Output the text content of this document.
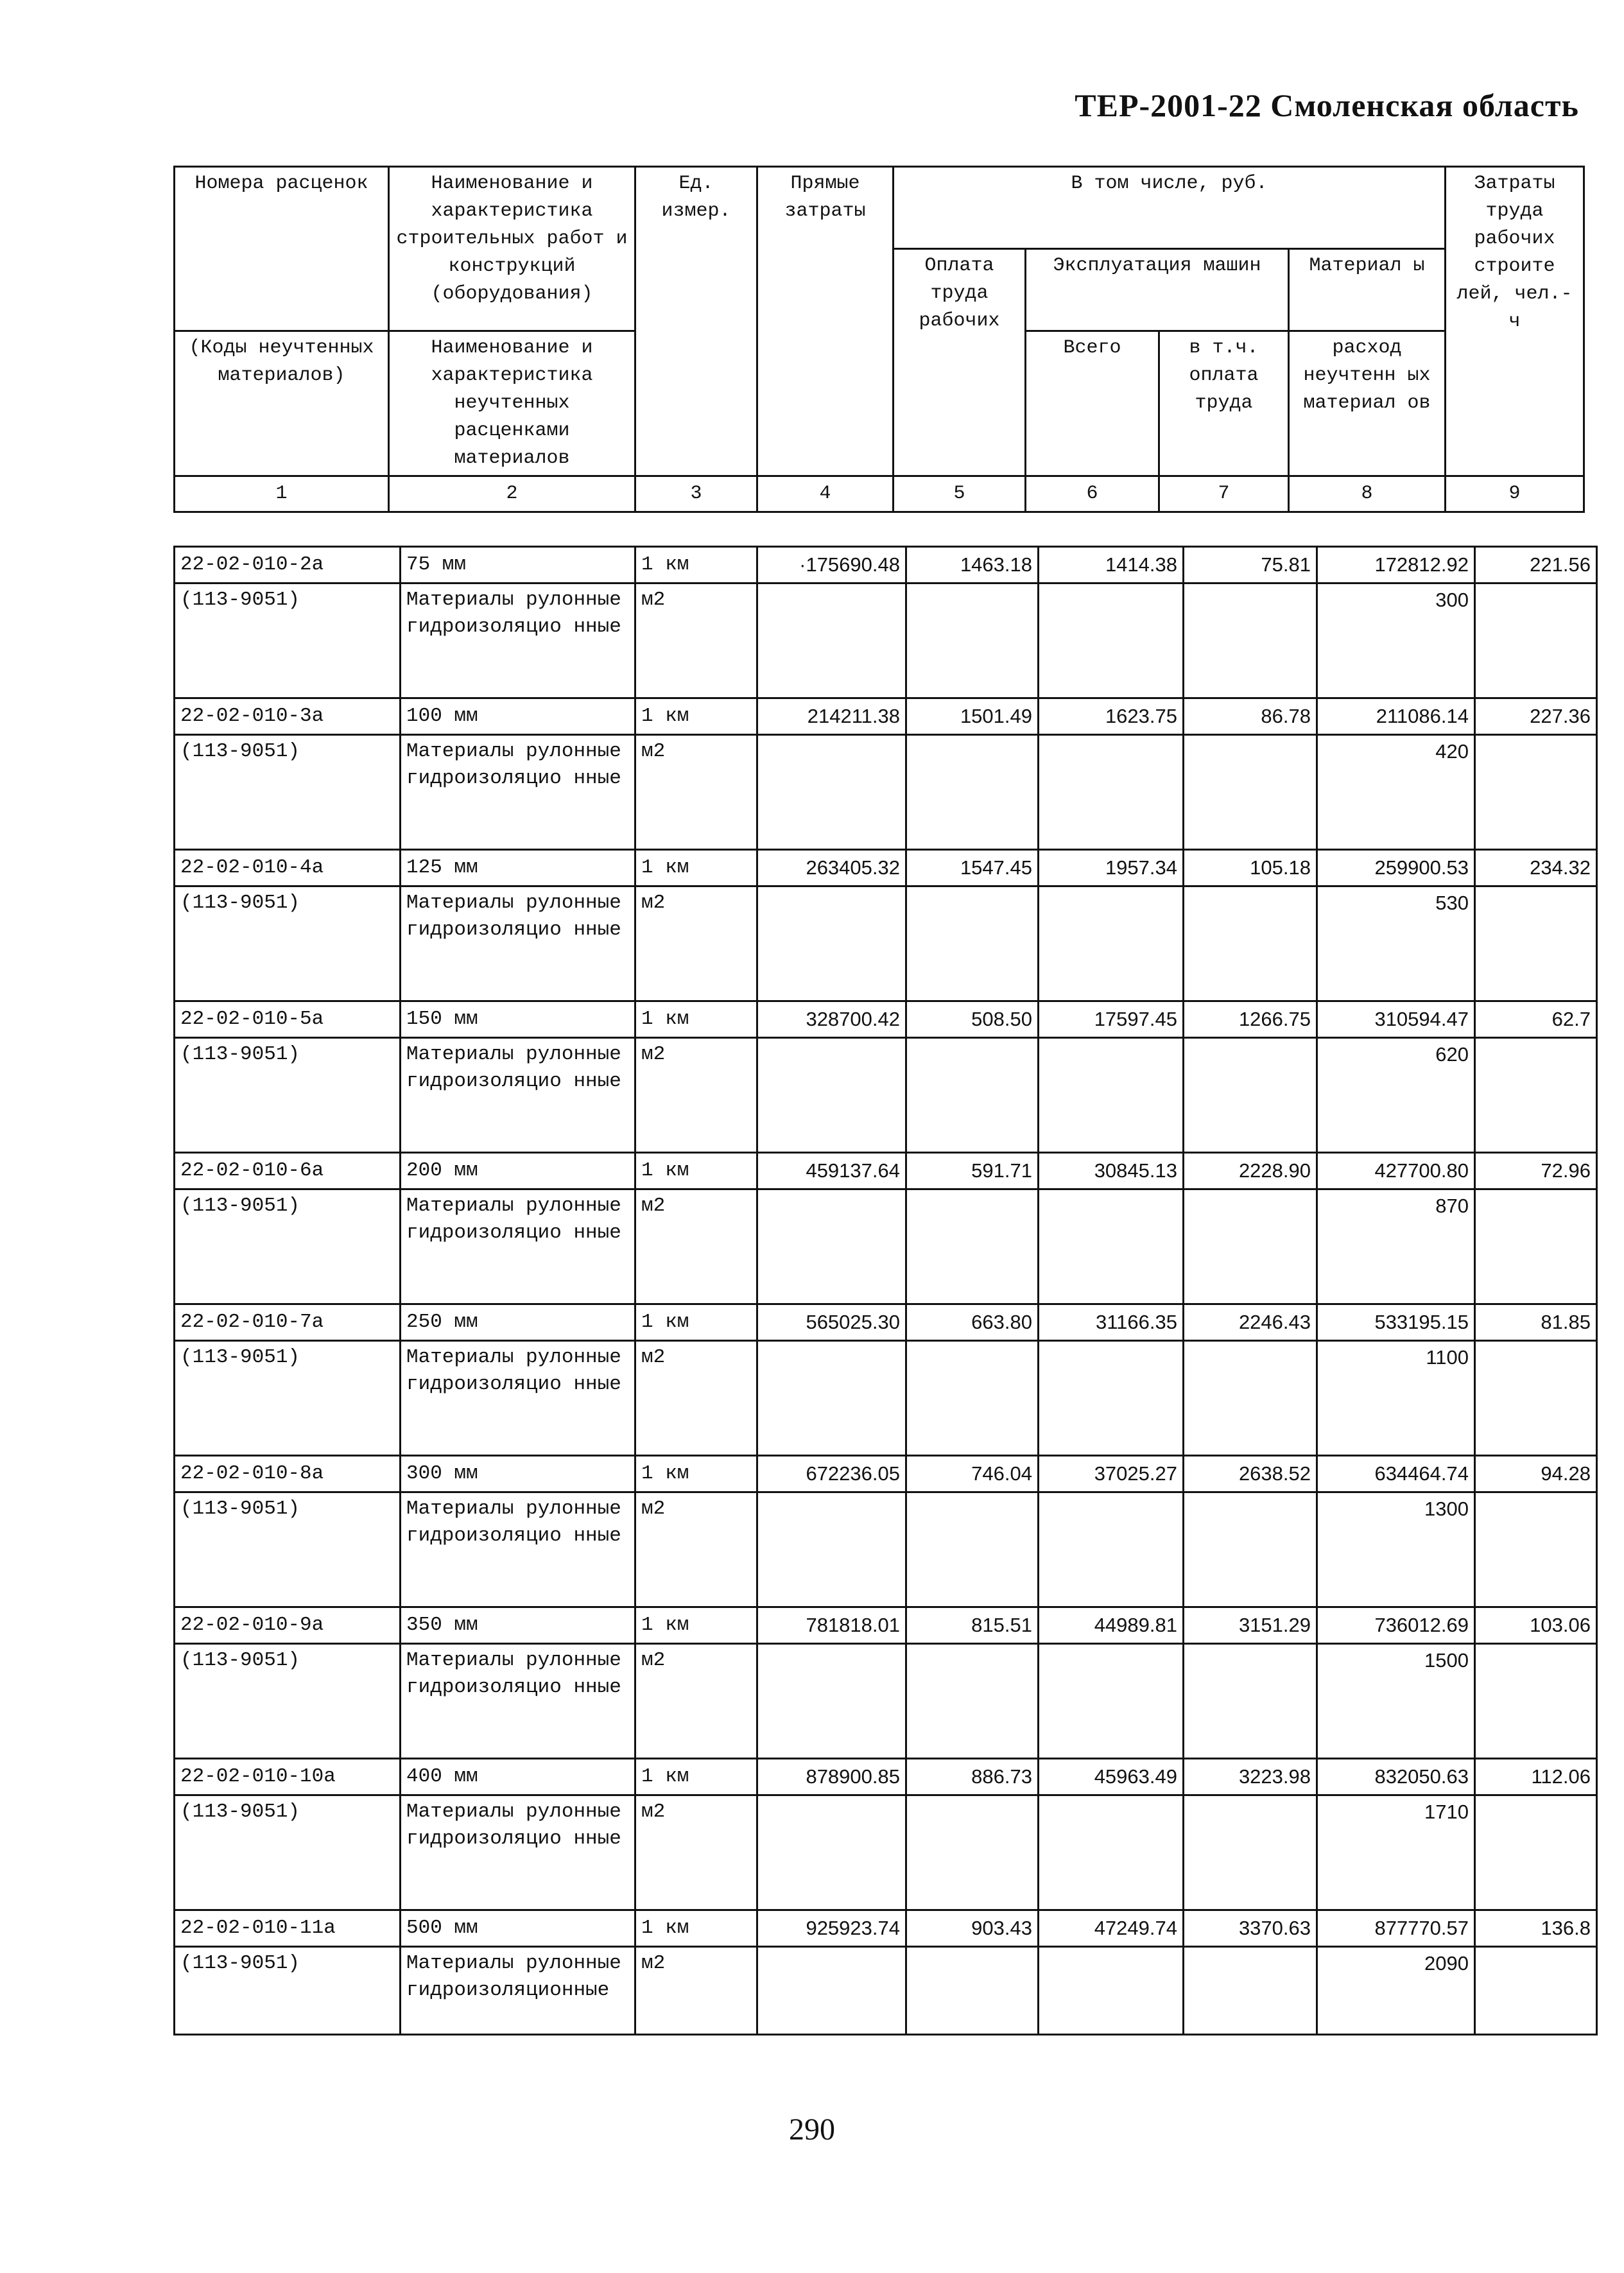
ТЕР-2001-22 Смоленская область
Номера расценок	Наименование и характеристика строительных работ и конструкций (оборудования)	Ед. измер.	Прямые затраты	В том числе, руб.				Затраты труда рабочих строите лей, чел.-ч
				Оплата труда рабочих	Эксплуатация машин		Материал ы	
(Коды неучтенных материалов)	Наименование и характеристика неучтенных расценками материалов				Всего	в т.ч. оплата труда	расход неучтенн ых материал ов	
1	2	3	4	5	6	7	8	9
22-02-010-2а	75 мм	1 км	·175690.48	1463.18	1414.38	75.81	172812.92	221.56
(113-9051)	Материалы рулонные гидроизоляцио нные	м2					300	
22-02-010-3а	100 мм	1 км	214211.38	1501.49	1623.75	86.78	211086.14	227.36
(113-9051)	Материалы рулонные гидроизоляцио нные	м2					420	
22-02-010-4а	125 мм	1 км	263405.32	1547.45	1957.34	105.18	259900.53	234.32
(113-9051)	Материалы рулонные гидроизоляцио нные	м2					530	
22-02-010-5а	150 мм	1 км	328700.42	508.50	17597.45	1266.75	310594.47	62.7
(113-9051)	Материалы рулонные гидроизоляцио нные	м2					620	
22-02-010-6а	200 мм	1 км	459137.64	591.71	30845.13	2228.90	427700.80	72.96
(113-9051)	Материалы рулонные гидроизоляцио нные	м2					870	
22-02-010-7а	250 мм	1 км	565025.30	663.80	31166.35	2246.43	533195.15	81.85
(113-9051)	Материалы рулонные гидроизоляцио нные	м2					1100	
22-02-010-8а	300 мм	1 км	672236.05	746.04	37025.27	2638.52	634464.74	94.28
(113-9051)	Материалы рулонные гидроизоляцио нные	м2					1300	
22-02-010-9а	350 мм	1 км	781818.01	815.51	44989.81	3151.29	736012.69	103.06
(113-9051)	Материалы рулонные гидроизоляцио нные	м2					1500	
22-02-010-10а	400 мм	1 км	878900.85	886.73	45963.49	3223.98	832050.63	112.06
(113-9051)	Материалы рулонные гидроизоляцио нные	м2					1710	
22-02-010-11а	500 мм	1 км	925923.74	903.43	47249.74	3370.63	877770.57	136.8
(113-9051)	Материалы рулонные гидроизоляционные	м2					2090	
290
